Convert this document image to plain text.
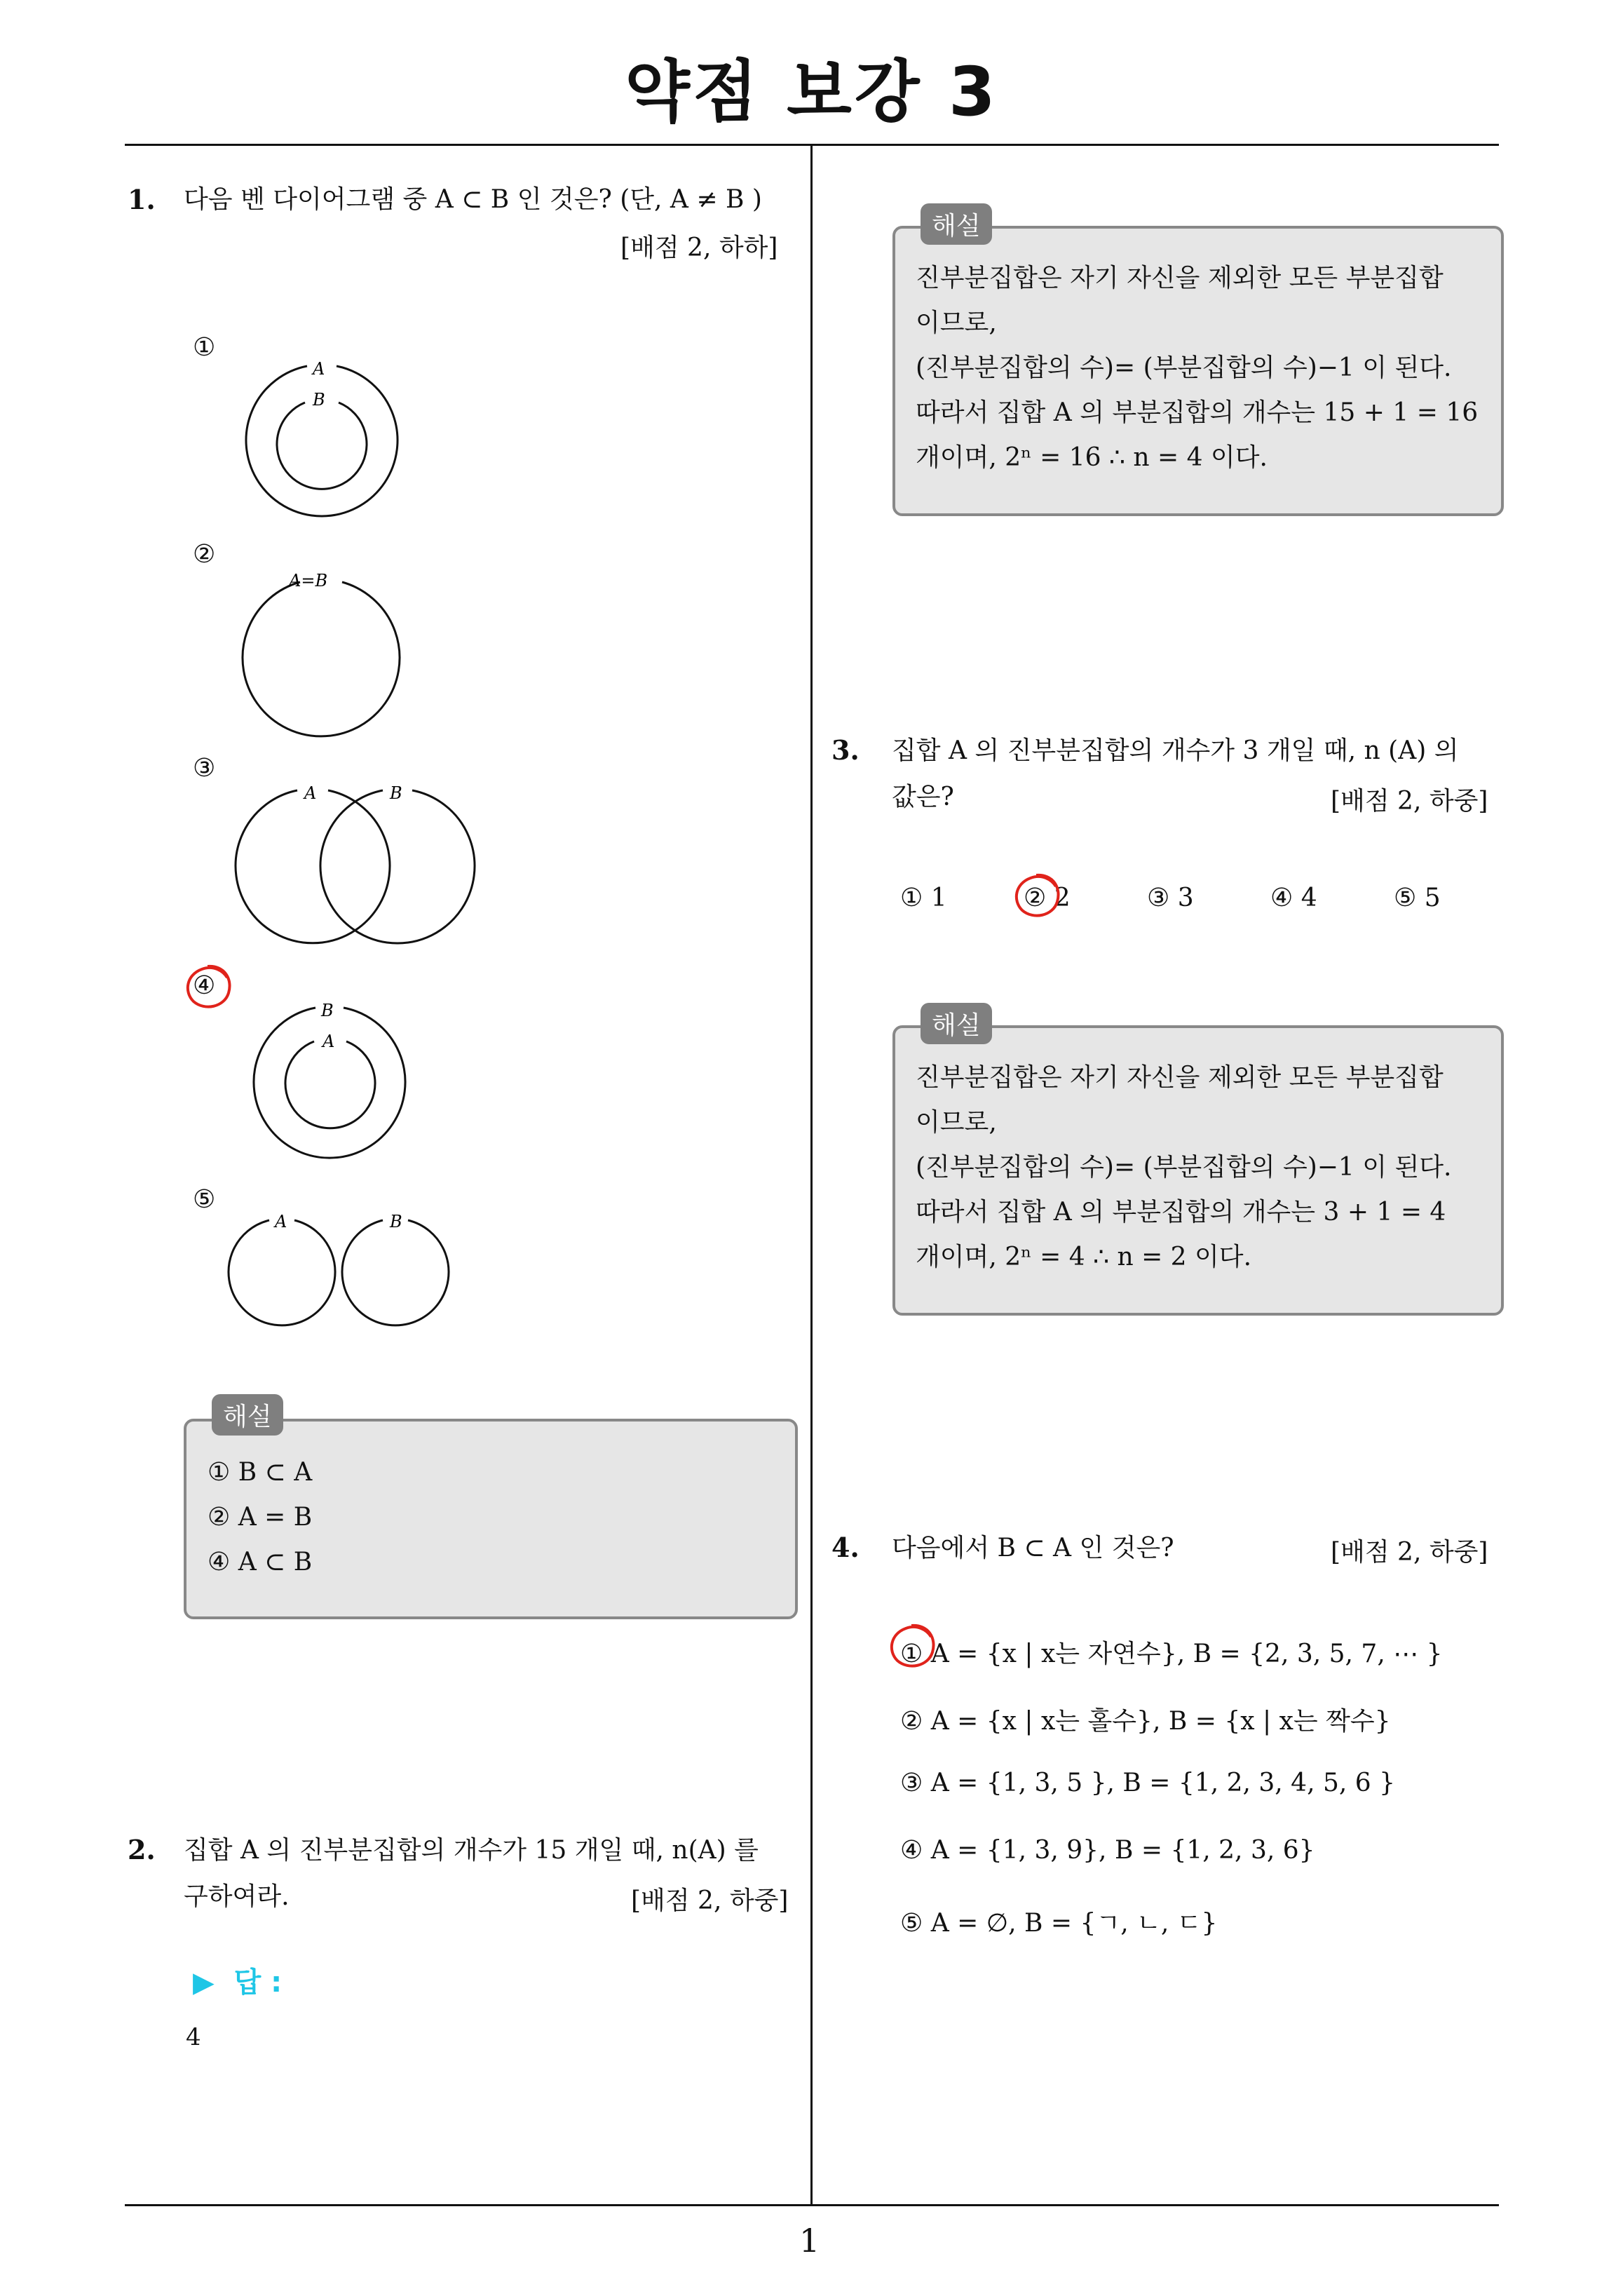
약점 보강 3
1
1. 다음 벤 다이어그램 중 A ⊂ B 인 것은? (단, A ≠ B )
[배점 2, 하하]
①
A
B
②
A=B
③
A	B
④
B
A
⑤
A	B
해설
① B ⊂ A
② A = B
④ A ⊂ B
2. 집합 A 의 진부분집합의 개수가 15 개일 때, n(A) 를
구하여라.	[배점 2, 하중]
▶  답 :
4
해설
진부분집합은 자기 자신을 제외한 모든 부분집합
이므로,
(진부분집합의 수)= (부분집합의 수)−1 이 된다.
따라서 집합 A 의 부분집합의 개수는 15 + 1 = 16
개이며, 2ⁿ = 16 ∴ n = 4 이다.
3. 집합 A 의 진부분집합의 개수가 3 개일 때, n (A) 의
값은?	[배점 2, 하중]
① 1	② 2	③ 3	④ 4	⑤ 5
해설
진부분집합은 자기 자신을 제외한 모든 부분집합
이므로,
(진부분집합의 수)= (부분집합의 수)−1 이 된다.
따라서 집합 A 의 부분집합의 개수는 3 + 1 = 4
개이며, 2ⁿ = 4 ∴ n = 2 이다.
4. 다음에서 B ⊂ A 인 것은?	[배점 2, 하중]
① A = {x | x는 자연수}, B = {2, 3, 5, 7, ⋯ }
② A = {x | x는 홀수}, B = {x | x는 짝수}
③ A = {1, 3, 5 }, B = {1, 2, 3, 4, 5, 6 }
④ A = {1, 3, 9}, B = {1, 2, 3, 6}
⑤ A = ∅, B = {ㄱ, ㄴ, ㄷ}
